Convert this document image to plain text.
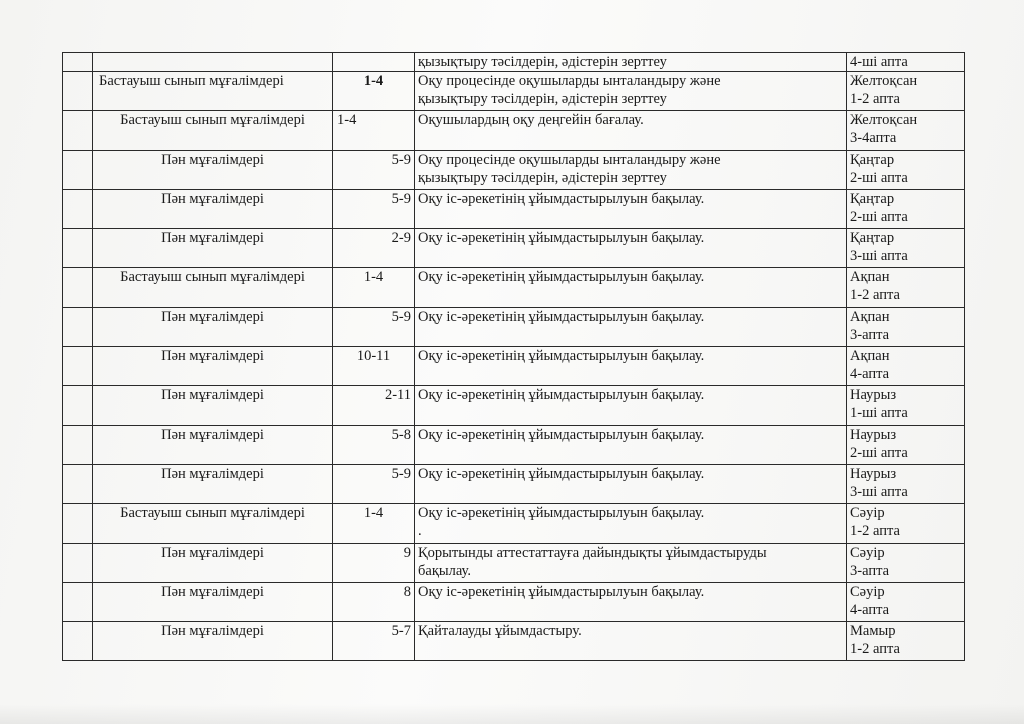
			қызықтыру тәсілдерін, әдістерін зерттеу	4-ші апта

	Бастауыш сынып мұғалімдері	1-4	Оқу процесінде оқушыларды ынталандыру және
қызықтыру тәсілдерін, әдістерін зерттеу	Желтоқсан
1-2 апта

	Бастауыш сынып мұғалімдері	1-4	Оқушылардың оқу деңгейін бағалау.	Желтоқсан
3-4апта

	Пән мұғалімдері	5-9	Оқу процесінде оқушыларды ынталандыру және
қызықтыру тәсілдерін, әдістерін зерттеу	Қаңтар
2-ші апта

	Пән мұғалімдері	5-9	Оқу іс-әрекетінің ұйымдастырылуын бақылау.	Қаңтар
2-ші апта

	Пән мұғалімдері	2-9	Оқу іс-әрекетінің ұйымдастырылуын бақылау.	Қаңтар
3-ші апта

	Бастауыш сынып мұғалімдері	1-4	Оқу іс-әрекетінің ұйымдастырылуын бақылау.	Ақпан
1-2 апта

	Пән мұғалімдері	5-9	Оқу іс-әрекетінің ұйымдастырылуын бақылау.	Ақпан
3-апта

	Пән мұғалімдері	10-11	Оқу іс-әрекетінің ұйымдастырылуын бақылау.	Ақпан
4-апта

	Пән мұғалімдері	2-11	Оқу іс-әрекетінің ұйымдастырылуын бақылау.	Наурыз
1-ші апта

	Пән мұғалімдері	5-8	Оқу іс-әрекетінің ұйымдастырылуын бақылау.	Наурыз
2-ші апта

	Пән мұғалімдері	5-9	Оқу іс-әрекетінің ұйымдастырылуын бақылау.	Наурыз
3-ші апта

	Бастауыш сынып мұғалімдері	1-4	Оқу іс-әрекетінің ұйымдастырылуын бақылау.
.	Сәуір
1-2 апта

	Пән мұғалімдері	9	Қорытынды аттестаттауға дайындықты ұйымдастыруды
бақылау.	Сәуір
3-апта

	Пән мұғалімдері	8	Оқу іс-әрекетінің ұйымдастырылуын бақылау.	Сәуір
4-апта

	Пән мұғалімдері	5-7	Қайталауды ұйымдастыру.	Мамыр
1-2 апта
